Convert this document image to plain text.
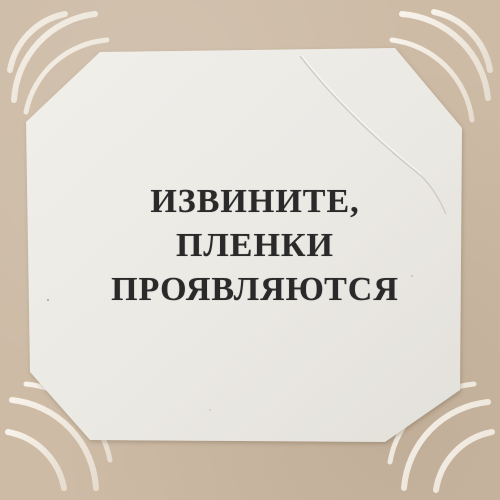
ИЗВИНИТЕ,
ПЛЕНКИ
ПРОЯВЛЯЮТСЯ
